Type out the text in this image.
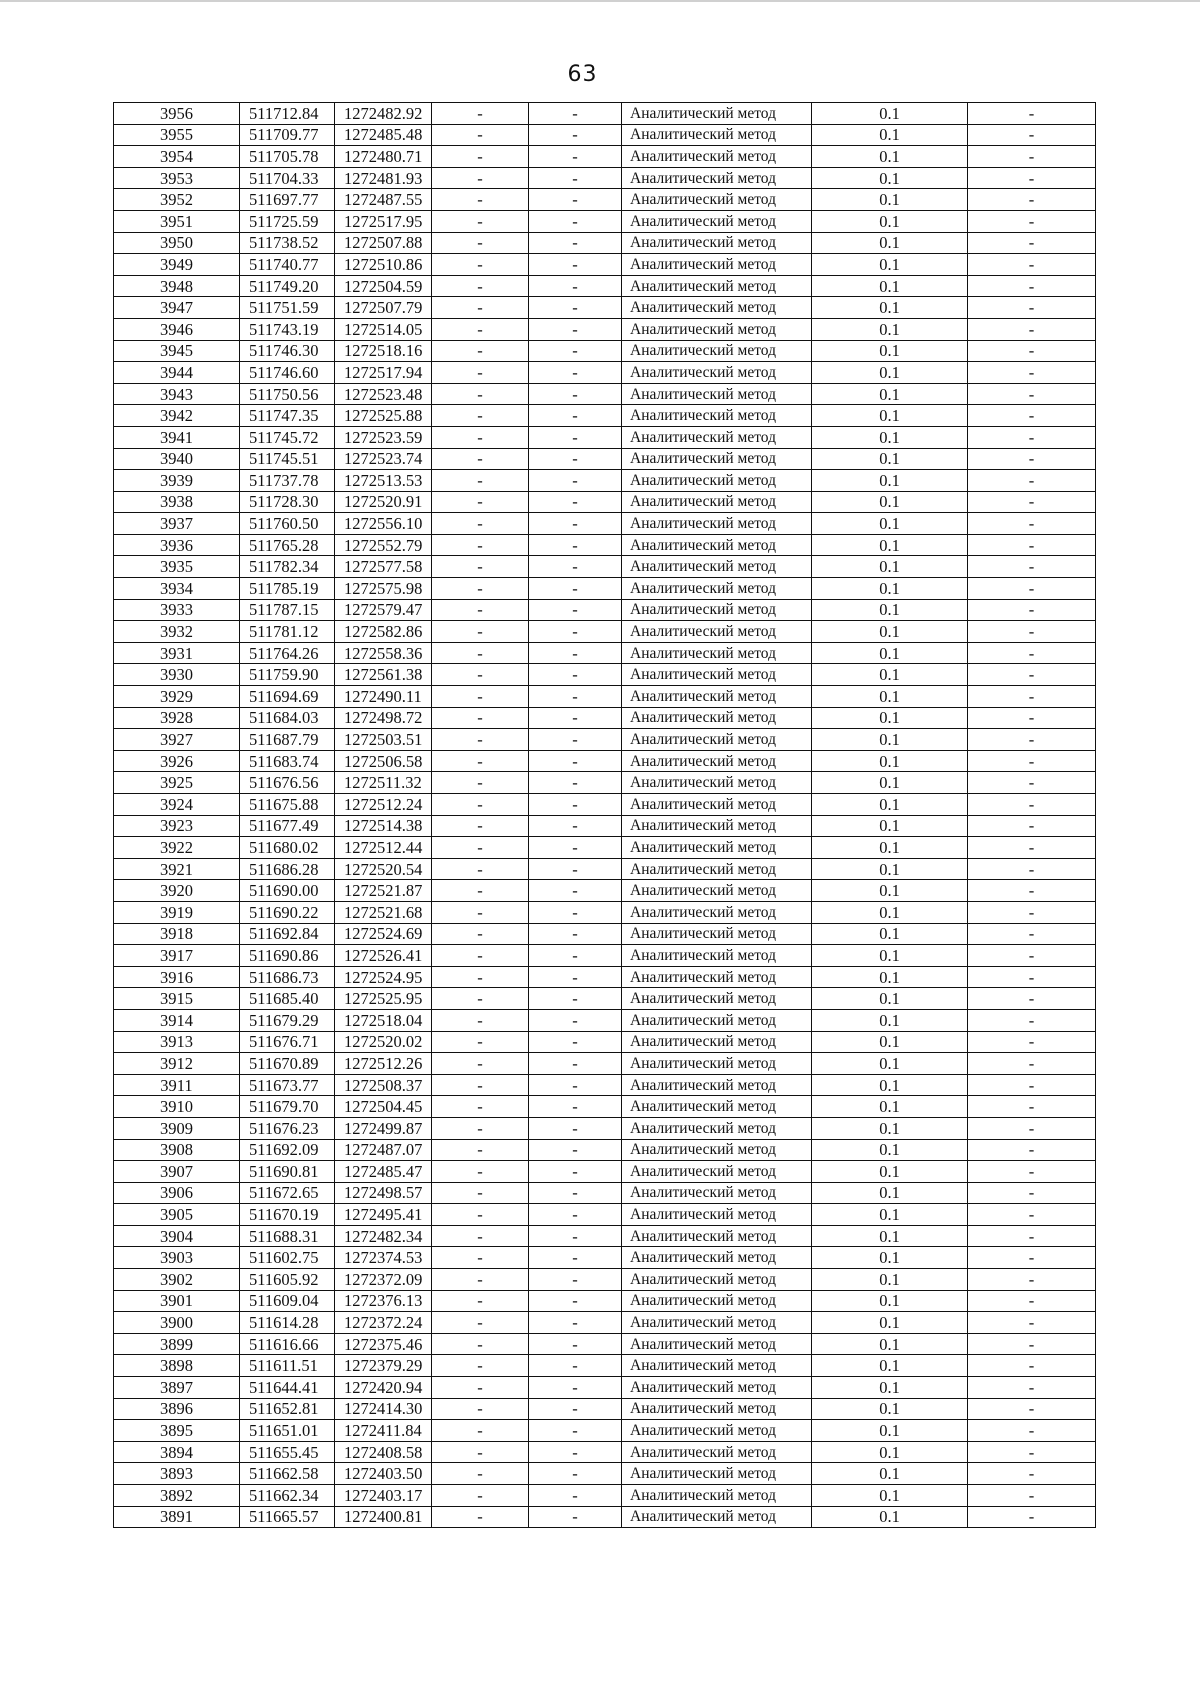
63
3956	511712.84	1272482.92	-	-	Аналитический метод	0.1	-
3955	511709.77	1272485.48	-	-	Аналитический метод	0.1	-
3954	511705.78	1272480.71	-	-	Аналитический метод	0.1	-
3953	511704.33	1272481.93	-	-	Аналитический метод	0.1	-
3952	511697.77	1272487.55	-	-	Аналитический метод	0.1	-
3951	511725.59	1272517.95	-	-	Аналитический метод	0.1	-
3950	511738.52	1272507.88	-	-	Аналитический метод	0.1	-
3949	511740.77	1272510.86	-	-	Аналитический метод	0.1	-
3948	511749.20	1272504.59	-	-	Аналитический метод	0.1	-
3947	511751.59	1272507.79	-	-	Аналитический метод	0.1	-
3946	511743.19	1272514.05	-	-	Аналитический метод	0.1	-
3945	511746.30	1272518.16	-	-	Аналитический метод	0.1	-
3944	511746.60	1272517.94	-	-	Аналитический метод	0.1	-
3943	511750.56	1272523.48	-	-	Аналитический метод	0.1	-
3942	511747.35	1272525.88	-	-	Аналитический метод	0.1	-
3941	511745.72	1272523.59	-	-	Аналитический метод	0.1	-
3940	511745.51	1272523.74	-	-	Аналитический метод	0.1	-
3939	511737.78	1272513.53	-	-	Аналитический метод	0.1	-
3938	511728.30	1272520.91	-	-	Аналитический метод	0.1	-
3937	511760.50	1272556.10	-	-	Аналитический метод	0.1	-
3936	511765.28	1272552.79	-	-	Аналитический метод	0.1	-
3935	511782.34	1272577.58	-	-	Аналитический метод	0.1	-
3934	511785.19	1272575.98	-	-	Аналитический метод	0.1	-
3933	511787.15	1272579.47	-	-	Аналитический метод	0.1	-
3932	511781.12	1272582.86	-	-	Аналитический метод	0.1	-
3931	511764.26	1272558.36	-	-	Аналитический метод	0.1	-
3930	511759.90	1272561.38	-	-	Аналитический метод	0.1	-
3929	511694.69	1272490.11	-	-	Аналитический метод	0.1	-
3928	511684.03	1272498.72	-	-	Аналитический метод	0.1	-
3927	511687.79	1272503.51	-	-	Аналитический метод	0.1	-
3926	511683.74	1272506.58	-	-	Аналитический метод	0.1	-
3925	511676.56	1272511.32	-	-	Аналитический метод	0.1	-
3924	511675.88	1272512.24	-	-	Аналитический метод	0.1	-
3923	511677.49	1272514.38	-	-	Аналитический метод	0.1	-
3922	511680.02	1272512.44	-	-	Аналитический метод	0.1	-
3921	511686.28	1272520.54	-	-	Аналитический метод	0.1	-
3920	511690.00	1272521.87	-	-	Аналитический метод	0.1	-
3919	511690.22	1272521.68	-	-	Аналитический метод	0.1	-
3918	511692.84	1272524.69	-	-	Аналитический метод	0.1	-
3917	511690.86	1272526.41	-	-	Аналитический метод	0.1	-
3916	511686.73	1272524.95	-	-	Аналитический метод	0.1	-
3915	511685.40	1272525.95	-	-	Аналитический метод	0.1	-
3914	511679.29	1272518.04	-	-	Аналитический метод	0.1	-
3913	511676.71	1272520.02	-	-	Аналитический метод	0.1	-
3912	511670.89	1272512.26	-	-	Аналитический метод	0.1	-
3911	511673.77	1272508.37	-	-	Аналитический метод	0.1	-
3910	511679.70	1272504.45	-	-	Аналитический метод	0.1	-
3909	511676.23	1272499.87	-	-	Аналитический метод	0.1	-
3908	511692.09	1272487.07	-	-	Аналитический метод	0.1	-
3907	511690.81	1272485.47	-	-	Аналитический метод	0.1	-
3906	511672.65	1272498.57	-	-	Аналитический метод	0.1	-
3905	511670.19	1272495.41	-	-	Аналитический метод	0.1	-
3904	511688.31	1272482.34	-	-	Аналитический метод	0.1	-
3903	511602.75	1272374.53	-	-	Аналитический метод	0.1	-
3902	511605.92	1272372.09	-	-	Аналитический метод	0.1	-
3901	511609.04	1272376.13	-	-	Аналитический метод	0.1	-
3900	511614.28	1272372.24	-	-	Аналитический метод	0.1	-
3899	511616.66	1272375.46	-	-	Аналитический метод	0.1	-
3898	511611.51	1272379.29	-	-	Аналитический метод	0.1	-
3897	511644.41	1272420.94	-	-	Аналитический метод	0.1	-
3896	511652.81	1272414.30	-	-	Аналитический метод	0.1	-
3895	511651.01	1272411.84	-	-	Аналитический метод	0.1	-
3894	511655.45	1272408.58	-	-	Аналитический метод	0.1	-
3893	511662.58	1272403.50	-	-	Аналитический метод	0.1	-
3892	511662.34	1272403.17	-	-	Аналитический метод	0.1	-
3891	511665.57	1272400.81	-	-	Аналитический метод	0.1	-
